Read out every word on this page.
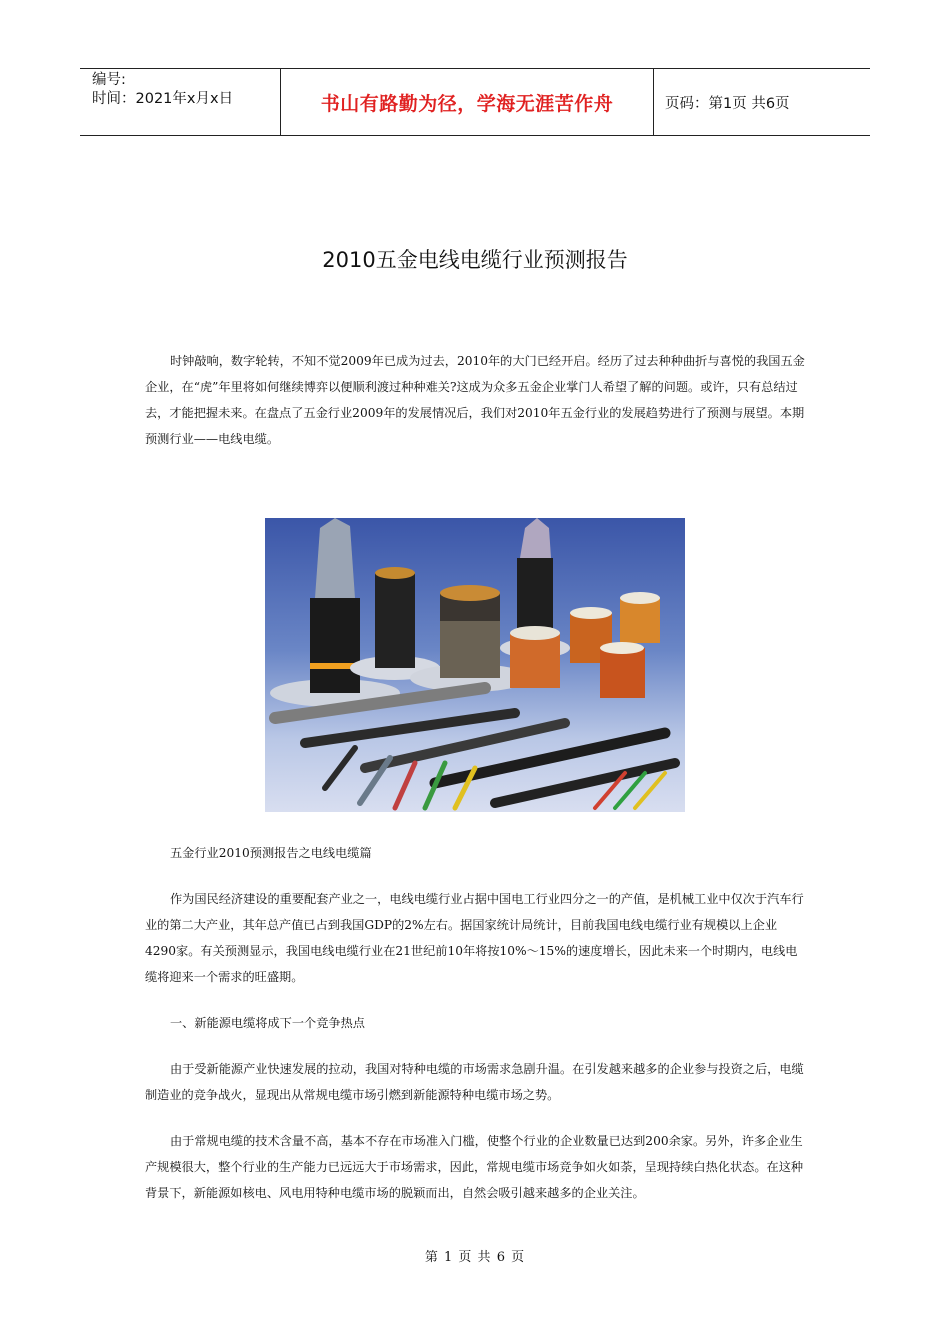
编号:
时间：2021年x月x日	书山有路勤为径，学海无涯苦作舟	页码：第1页 共6页
2010五金电线电缆行业预测报告

时钟敲响，数字轮转，不知不觉2009年已成为过去，2010年的大门已经开启。经历了过去种种曲折与喜悦的我国五金企业，在“虎”年里将如何继续博弈以便顺利渡过种种难关?这成为众多五金企业掌门人希望了解的问题。或许，只有总结过去，才能把握未来。在盘点了五金行业2009年的发展情况后，我们对2010年五金行业的发展趋势进行了预测与展望。本期预测行业——电线电缆。

五金行业2010预测报告之电线电缆篇

作为国民经济建设的重要配套产业之一，电线电缆行业占据中国电工行业四分之一的产值，是机械工业中仅次于汽车行业的第二大产业，其年总产值已占到我国GDP的2%左右。据国家统计局统计，目前我国电线电缆行业有规模以上企业4290家。有关预测显示，我国电线电缆行业在21世纪前10年将按10%～15%的速度增长，因此未来一个时期内，电线电缆将迎来一个需求的旺盛期。

一、新能源电缆将成下一个竞争热点

由于受新能源产业快速发展的拉动，我国对特种电缆的市场需求急剧升温。在引发越来越多的企业参与投资之后，电缆制造业的竞争战火，显现出从常规电缆市场引燃到新能源特种电缆市场之势。

由于常规电缆的技术含量不高，基本不存在市场准入门槛，使整个行业的企业数量已达到200余家。另外，许多企业生产规模很大，整个行业的生产能力已远远大于市场需求，因此，常规电缆市场竞争如火如荼，呈现持续白热化状态。在这种背景下，新能源如核电、风电用特种电缆市场的脱颖而出，自然会吸引越来越多的企业关注。

第 1 页 共 6 页
